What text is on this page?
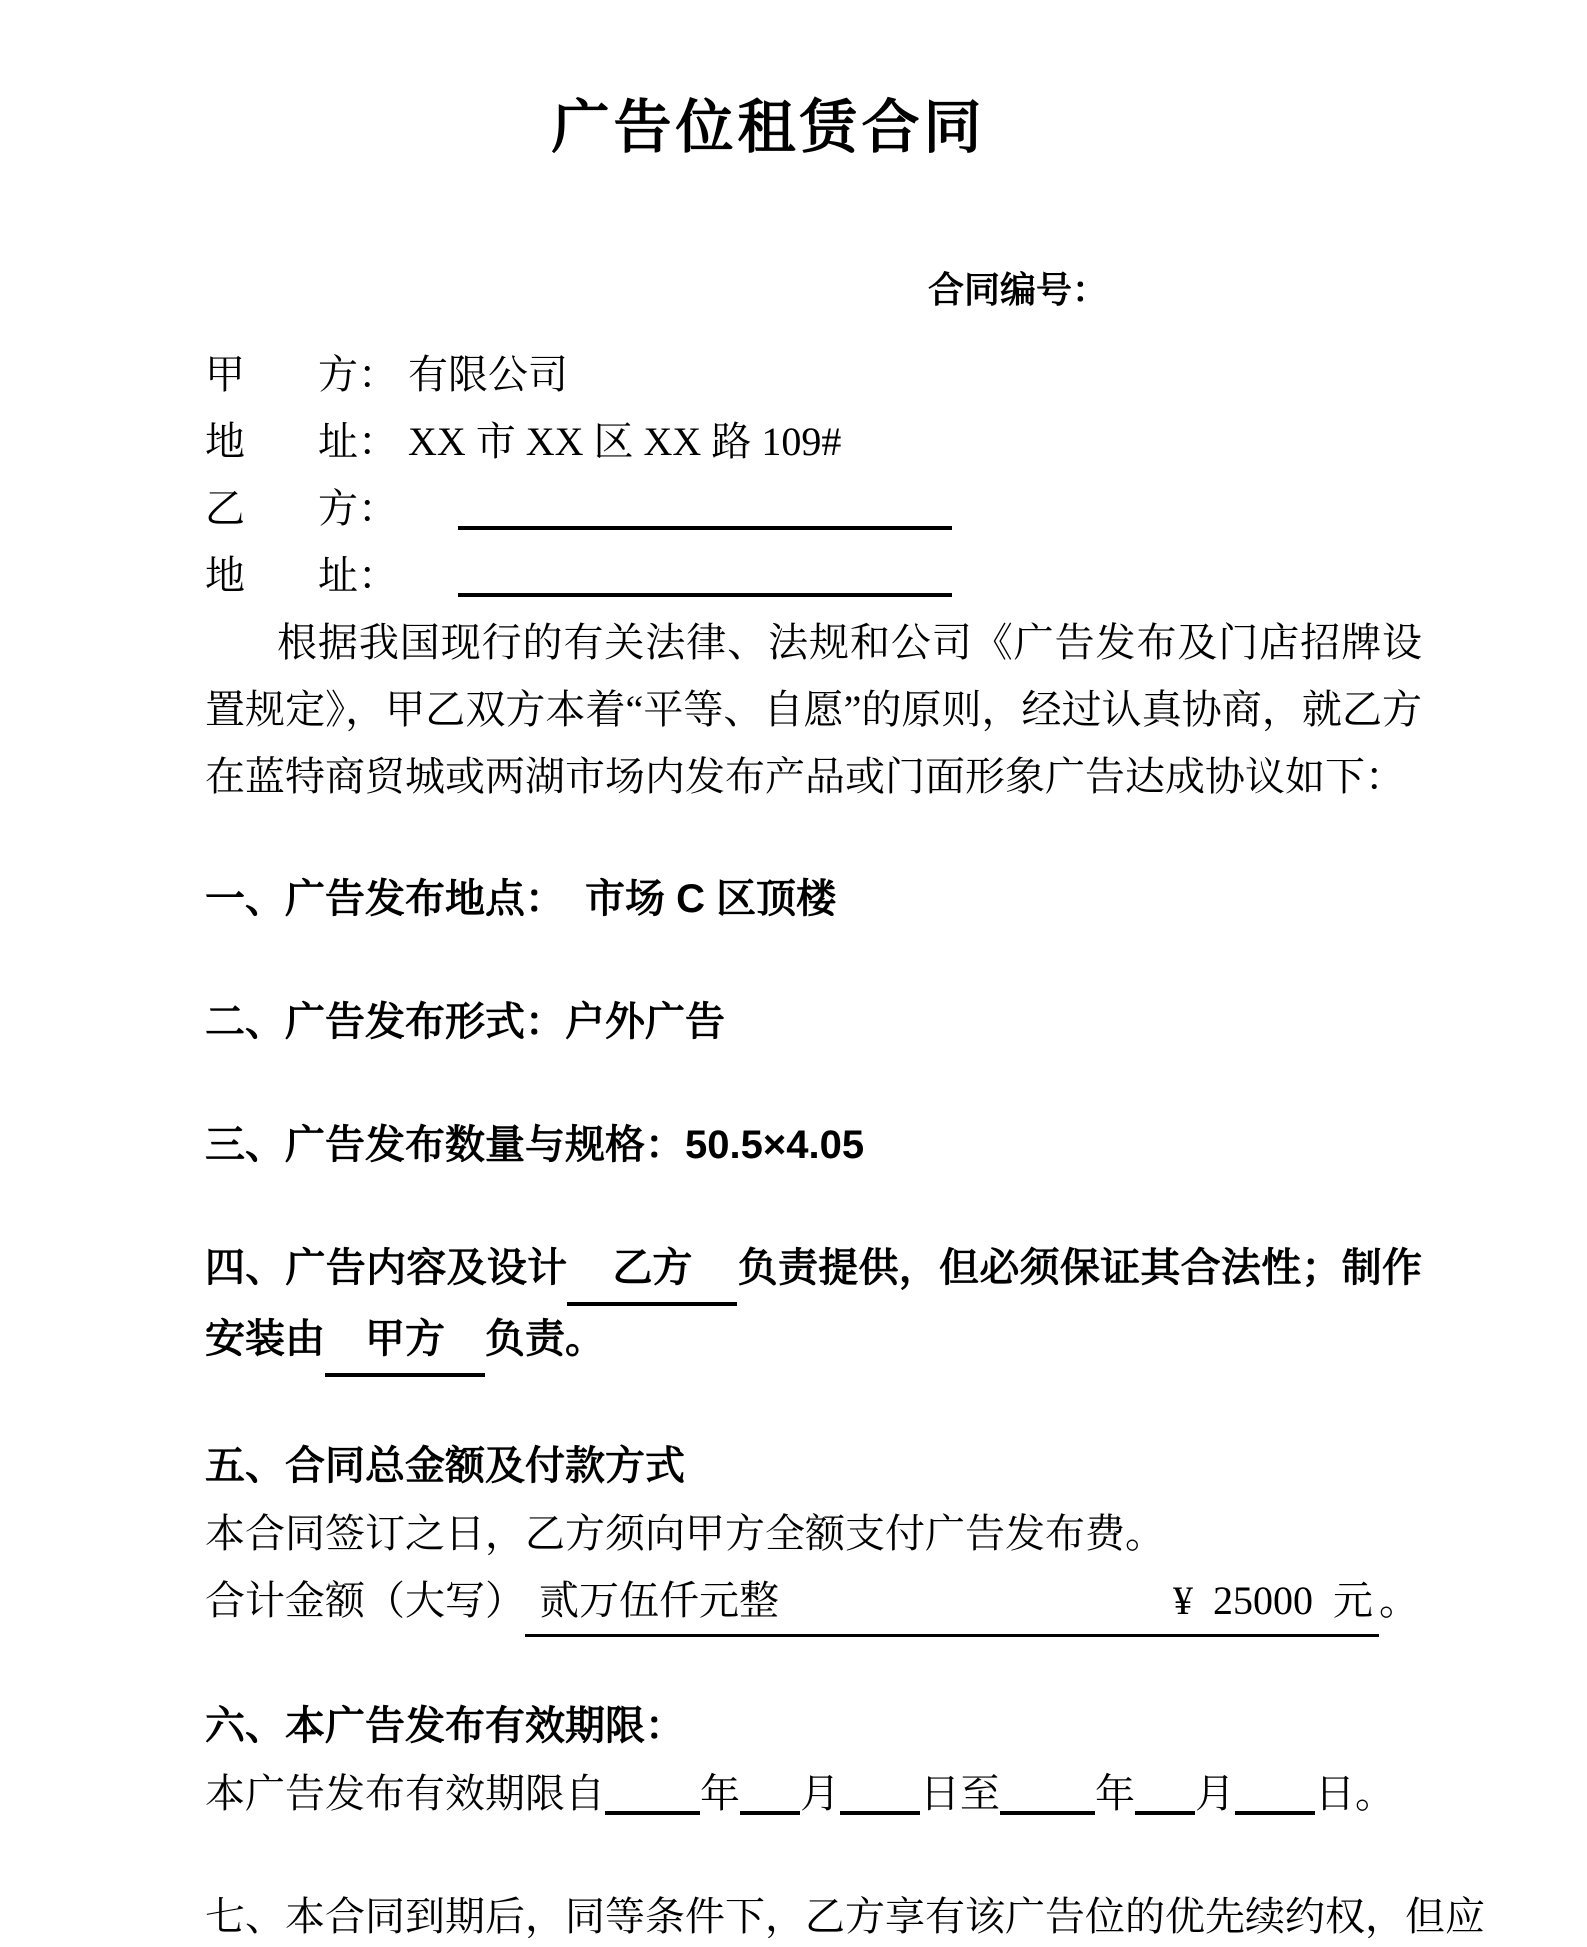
广告位租赁合同
合同编号：
甲 方： 有限公司
地 址： XX 市 XX 区 XX 路 109#
乙 方：
地 址：
根据我国现行的有关法律、法规和公司《广告发布及门店招牌设置规定》，甲乙双方本着“平等、自愿”的原则，经过认真协商，就乙方在蓝特商贸城或两湖市场内发布产品或门面形象广告达成协议如下：
一、广告发布地点：　市场 C 区顶楼
二、广告发布形式：户外广告
三、广告发布数量与规格：50.5×4.05
四、广告内容及设计 乙方 负责提供，但必须保证其合法性；制作安装由 甲方 负责。
五、合同总金额及付款方式
本合同签订之日，乙方须向甲方全额支付广告发布费。
合计金额（大写） 贰万伍仟元整	¥  25000  元 。
六、本广告发布有效期限：
本广告发布有效期限自 年 月 日至 年 月 日。
七、本合同到期后，同等条件下，乙方享有该广告位的优先续约权，但应
